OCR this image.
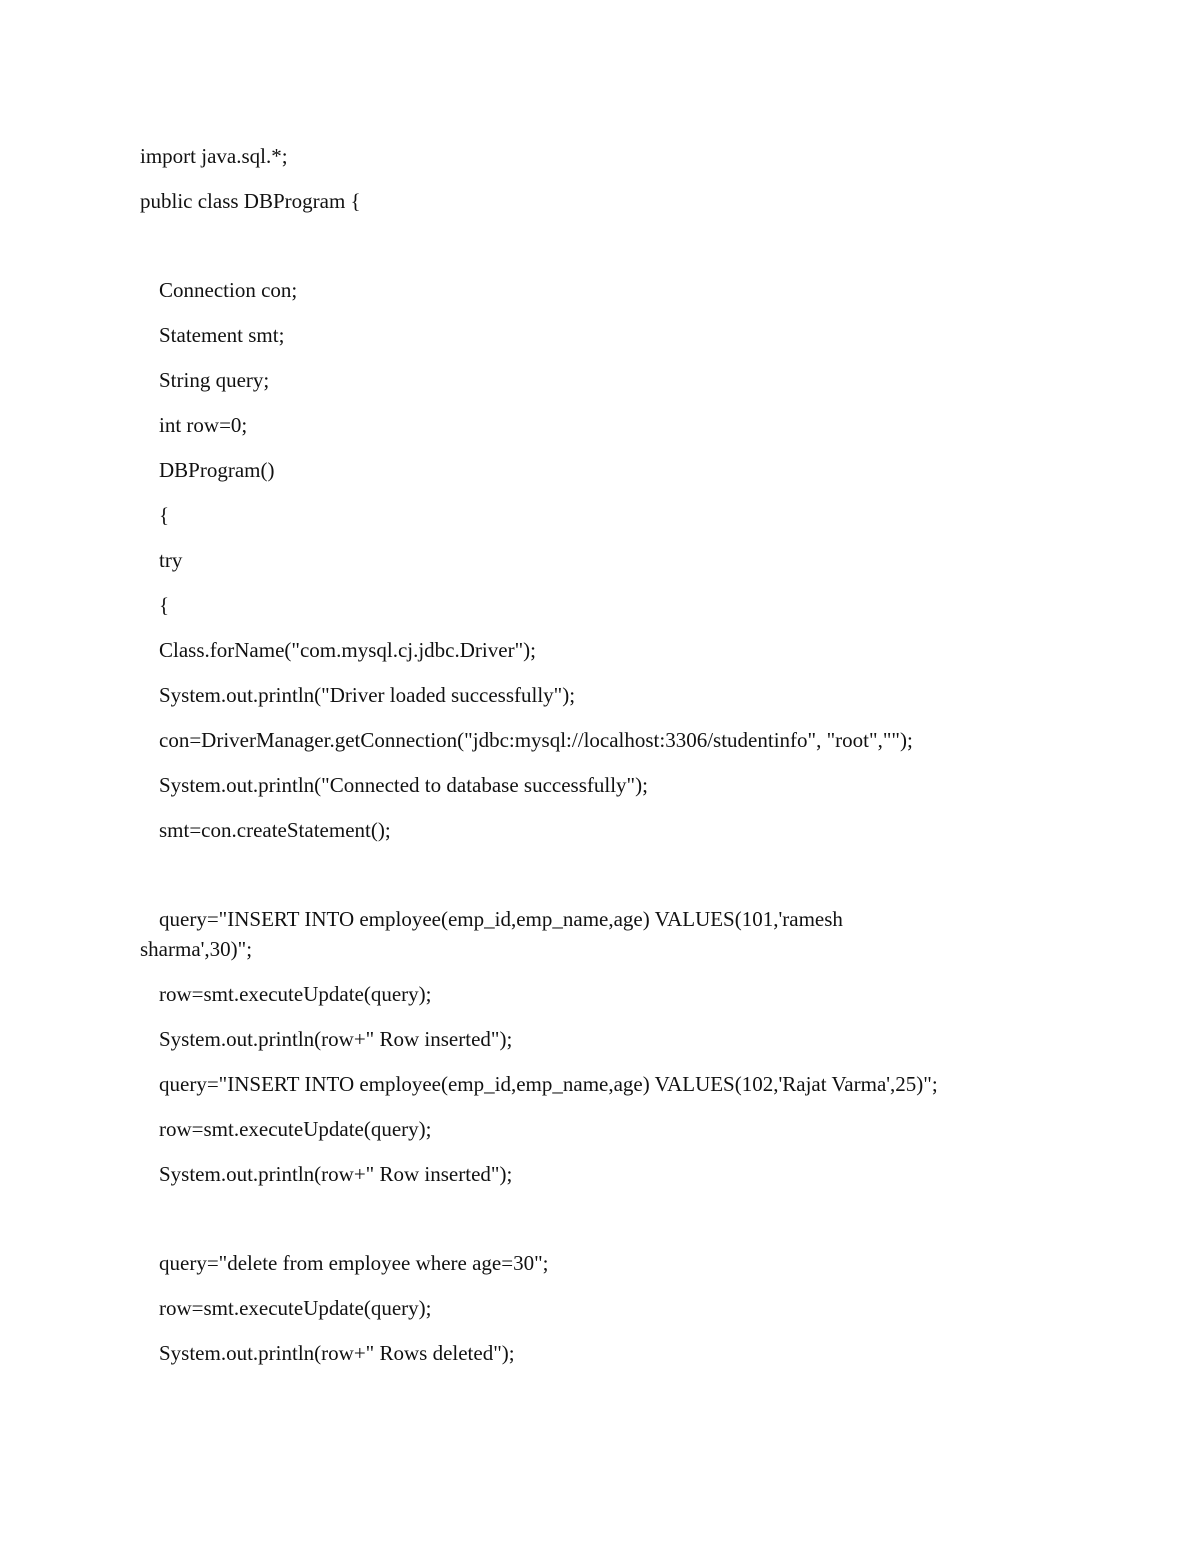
import java.sql.*;

public class DBProgram {

Connection con;

Statement smt;

String query;

int row=0;

DBProgram()

{

try

{

Class.forName("com.mysql.cj.jdbc.Driver");

System.out.println("Driver loaded successfully");

con=DriverManager.getConnection("jdbc:mysql://localhost:3306/studentinfo", "root","");

System.out.println("Connected to database successfully");

smt=con.createStatement();

query="INSERT INTO employee(emp_id,emp_name,age) VALUES(101,'ramesh

sharma',30)";

row=smt.executeUpdate(query);

System.out.println(row+" Row inserted");

query="INSERT INTO employee(emp_id,emp_name,age) VALUES(102,'Rajat Varma',25)";

row=smt.executeUpdate(query);

System.out.println(row+" Row inserted");

query="delete from employee where age=30";

row=smt.executeUpdate(query);

System.out.println(row+" Rows deleted");
